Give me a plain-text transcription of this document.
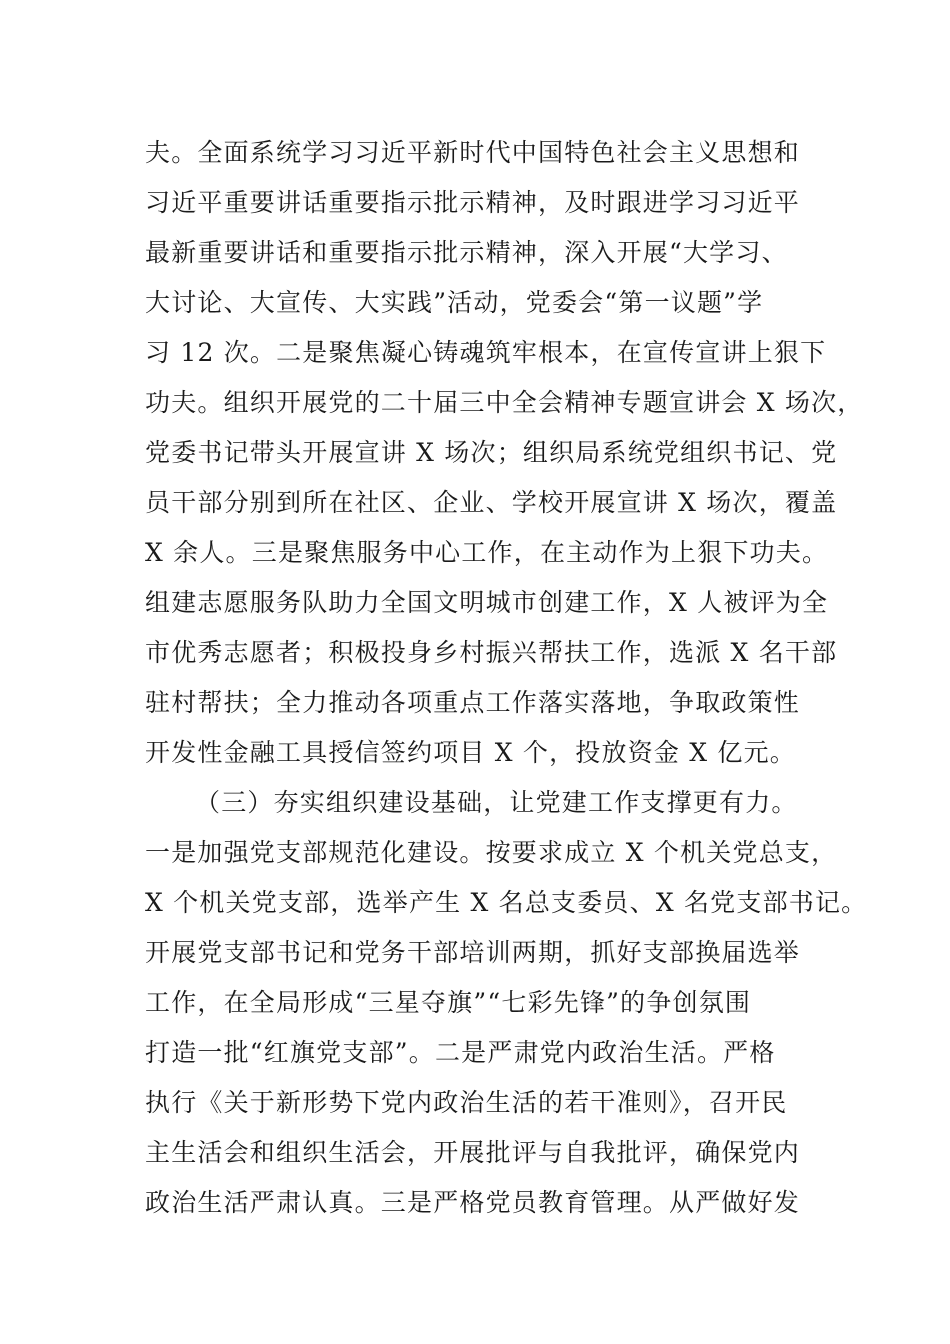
夫。全面系统学习习近平新时代中国特色社会主义思想和
习近平重要讲话重要指示批示精神，及时跟进学习习近平
最新重要讲话和重要指示批示精神，深入开展“大学习、
大讨论、大宣传、大实践”活动，党委会“第一议题”学
习 12 次。二是聚焦凝心铸魂筑牢根本，在宣传宣讲上狠下
功夫。组织开展党的二十届三中全会精神专题宣讲会 X 场次，
党委书记带头开展宣讲 X 场次；组织局系统党组织书记、党
员干部分别到所在社区、企业、学校开展宣讲 X 场次，覆盖
X 余人。三是聚焦服务中心工作，在主动作为上狠下功夫。
组建志愿服务队助力全国文明城市创建工作，X 人被评为全
市优秀志愿者；积极投身乡村振兴帮扶工作，选派 X 名干部
驻村帮扶；全力推动各项重点工作落实落地，争取政策性
开发性金融工具授信签约项目 X 个，投放资金 X 亿元。
（三）夯实组织建设基础，让党建工作支撑更有力。
一是加强党支部规范化建设。按要求成立 X 个机关党总支，
X 个机关党支部，选举产生 X 名总支委员、X 名党支部书记。
开展党支部书记和党务干部培训两期，抓好支部换届选举
工作，在全局形成“三星夺旗”“七彩先锋”的争创氛围
打造一批“红旗党支部”。二是严肃党内政治生活。严格
执行《关于新形势下党内政治生活的若干准则》，召开民
主生活会和组织生活会，开展批评与自我批评，确保党内
政治生活严肃认真。三是严格党员教育管理。从严做好发
